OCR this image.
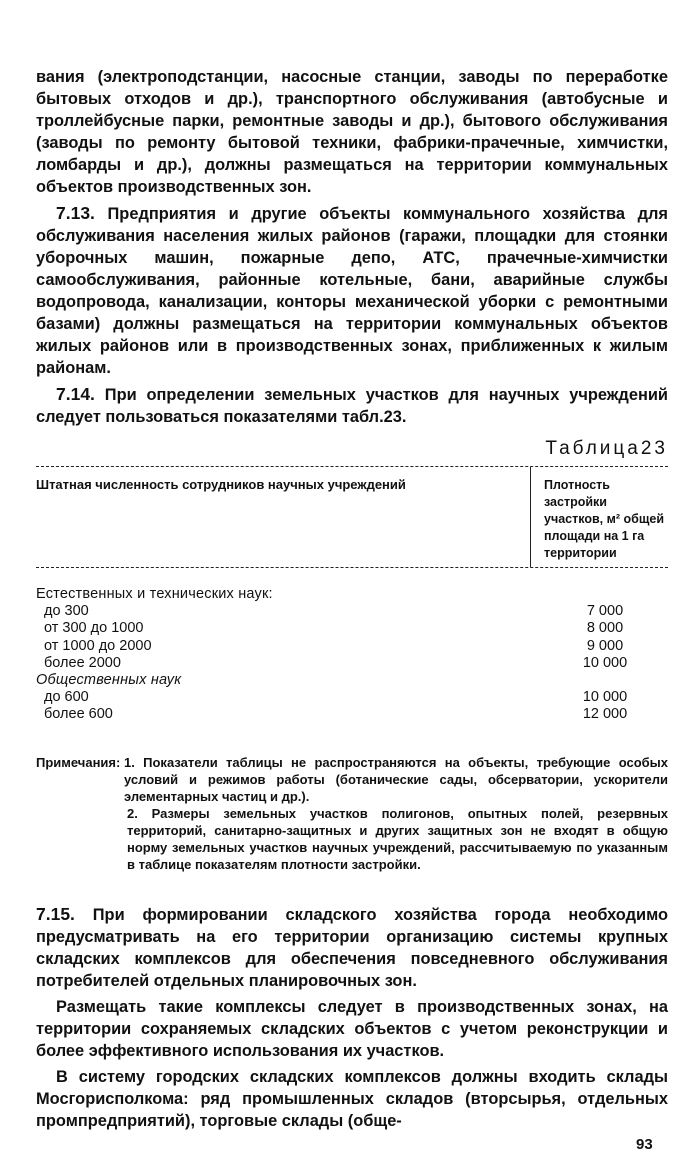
вания (электроподстанции, насосные станции, заводы по переработке бытовых отходов и др.), транспортного обслуживания (автобусные и троллейбусные парки, ремонтные заводы и др.), бытового обслуживания (заводы по ремонту бытовой техники, фабрики-прачечные, химчистки, ломбарды и др.), должны размещаться на территории коммунальных объектов производственных зон.

7.13. Предприятия и другие объекты коммунального хозяйства для обслуживания населения жилых районов (гаражи, площадки для стоянки уборочных машин, пожарные депо, АТС, прачечные-химчистки самообслуживания, районные котельные, бани, аварийные службы водопровода, канализации, конторы механической уборки с ремонтными базами) должны размещаться на территории коммунальных объектов жилых районов или в производственных зонах, приближенных к жилым районам.

7.14. При определении земельных участков для научных учреждений следует пользоваться показателями табл.23.

Таблица23
Штатная численность сотрудников научных учреждений	Плотность застройки участков, м² общей площади на 1 га территории
Естественных и технических наук:
до 300	7 000
от 300 до 1000	8 000
от 1000 до 2000	9 000
более 2000	10 000
Общественных наук
до 600	10 000
более 600	12 000
Примечания:
1. Показатели таблицы не распространяются на объекты, требующие особых условий и режимов работы (ботанические сады, обсерватории, ускорители элементарных частиц и др.).
2. Размеры земельных участков полигонов, опытных полей, резервных территорий, санитарно-защитных и других защитных зон не входят в общую норму земельных участков научных учреждений, рассчитываемую по указанным в таблице показателям плотности застройки.

7.15. При формировании складского хозяйства города необходимо предусматривать на его территории организацию системы крупных складских комплексов для обеспечения повседневного обслуживания потребителей отдельных планировочных зон.

Размещать такие комплексы следует в производственных зонах, на территории сохраняемых складских объектов с учетом реконструкции и более эффективного использования их участков.

В систему городских складских комплексов должны входить склады Мосгорисполкома: ряд промышленных складов (вторсырья, отдельных промпредприятий), торговые склады (обще-

93
